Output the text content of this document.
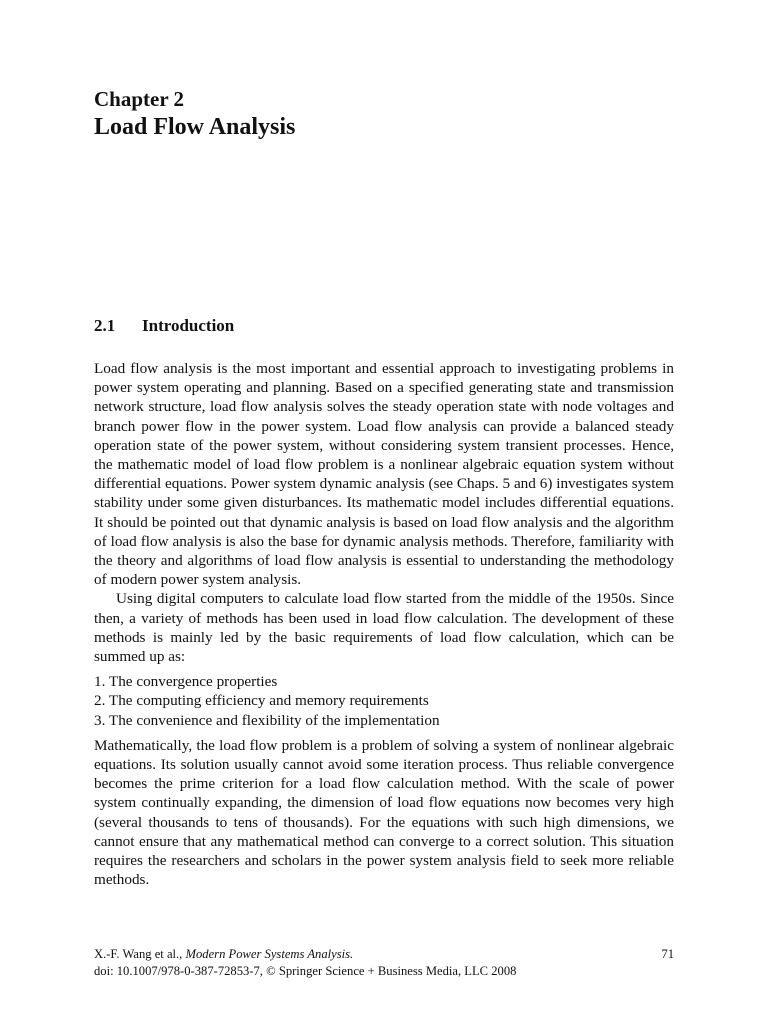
Chapter 2

Load Flow Analysis

2.1 Introduction

Load flow analysis is the most important and essential approach to investigating problems in power system operating and planning. Based on a specified generating state and transmission network structure, load flow analysis solves the steady operation state with node voltages and branch power flow in the power system. Load flow analysis can provide a balanced steady operation state of the power system, without considering system transient processes. Hence, the mathematic model of load flow problem is a nonlinear algebraic equation system without differential equations. Power system dynamic analysis (see Chaps. 5 and 6) investigates system stability under some given disturbances. Its mathematic model includes differential equations. It should be pointed out that dynamic analysis is based on load flow analysis and the algorithm of load flow analysis is also the base for dynamic analysis methods. Therefore, familiarity with the theory and algorithms of load flow analysis is essential to understanding the methodology of modern power system analysis.

Using digital computers to calculate load flow started from the middle of the 1950s. Since then, a variety of methods has been used in load flow calculation. The development of these methods is mainly led by the basic requirements of load flow calculation, which can be summed up as:

1. The convergence properties
2. The computing efficiency and memory requirements
3. The convenience and flexibility of the implementation

Mathematically, the load flow problem is a problem of solving a system of nonlinear algebraic equations. Its solution usually cannot avoid some iteration process. Thus reliable convergence becomes the prime criterion for a load flow calculation method. With the scale of power system continually expanding, the dimension of load flow equations now becomes very high (several thousands to tens of thousands). For the equations with such high dimensions, we cannot ensure that any mathematical method can converge to a correct solution. This situation requires the researchers and scholars in the power system analysis field to seek more reliable methods.

X.-F. Wang et al., Modern Power Systems Analysis.	71
doi: 10.1007/978-0-387-72853-7, © Springer Science + Business Media, LLC 2008
